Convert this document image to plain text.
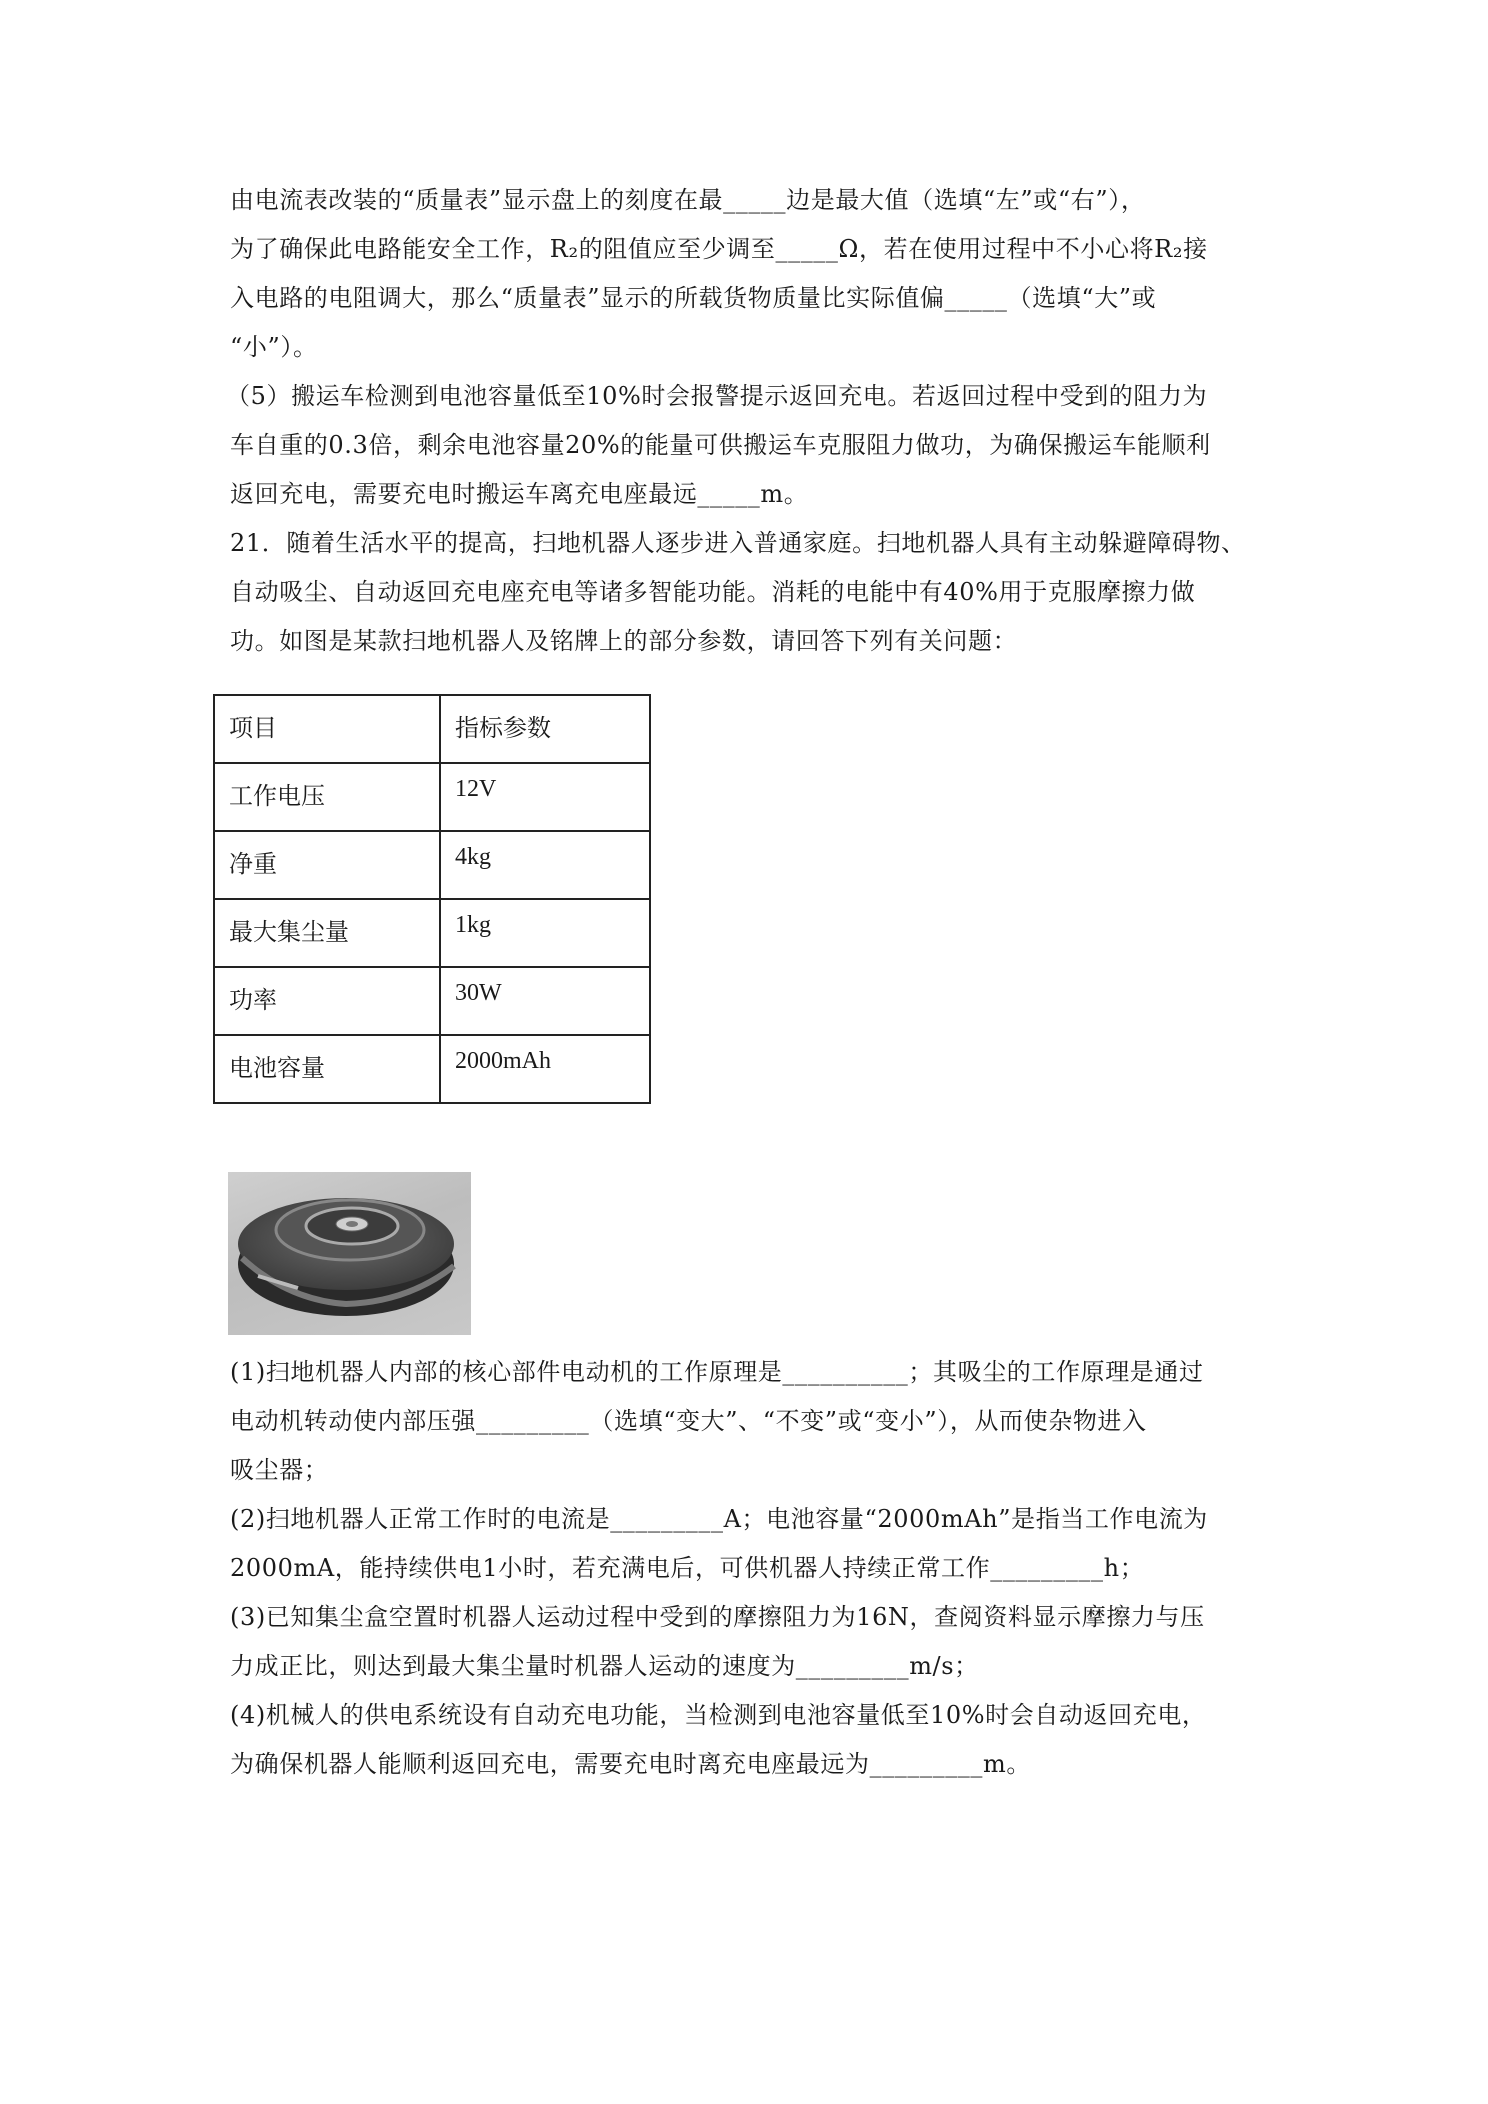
由电流表改装的“质量表”显示盘上的刻度在最_____边是最大值（选填“左”或“右”），

为了确保此电路能安全工作，R₂的阻值应至少调至_____Ω，若在使用过程中不小心将R₂接

入电路的电阻调大，那么“质量表”显示的所载货物质量比实际值偏_____（选填“大”或

“小”）。

（5）搬运车检测到电池容量低至10%时会报警提示返回充电。若返回过程中受到的阻力为

车自重的0.3倍，剩余电池容量20%的能量可供搬运车克服阻力做功，为确保搬运车能顺利

返回充电，需要充电时搬运车离充电座最远_____m。

21．随着生活水平的提高，扫地机器人逐步进入普通家庭。扫地机器人具有主动躲避障碍物、

自动吸尘、自动返回充电座充电等诸多智能功能。消耗的电能中有40%用于克服摩擦力做

功。如图是某款扫地机器人及铭牌上的部分参数，请回答下列有关问题：

项目	指标参数
工作电压	12V
净重	4kg
最大集尘量	1kg
功率	30W
电池容量	2000mAh

(1)扫地机器人内部的核心部件电动机的工作原理是__________；其吸尘的工作原理是通过

电动机转动使内部压强_________（选填“变大”、“不变”或“变小”），从而使杂物进入

吸尘器；

(2)扫地机器人正常工作时的电流是_________A；电池容量“2000mAh”是指当工作电流为

2000mA，能持续供电1小时，若充满电后，可供机器人持续正常工作_________h；

(3)已知集尘盒空置时机器人运动过程中受到的摩擦阻力为16N，查阅资料显示摩擦力与压

力成正比，则达到最大集尘量时机器人运动的速度为_________m/s；

(4)机械人的供电系统设有自动充电功能，当检测到电池容量低至10%时会自动返回充电，

为确保机器人能顺利返回充电，需要充电时离充电座最远为_________m。
